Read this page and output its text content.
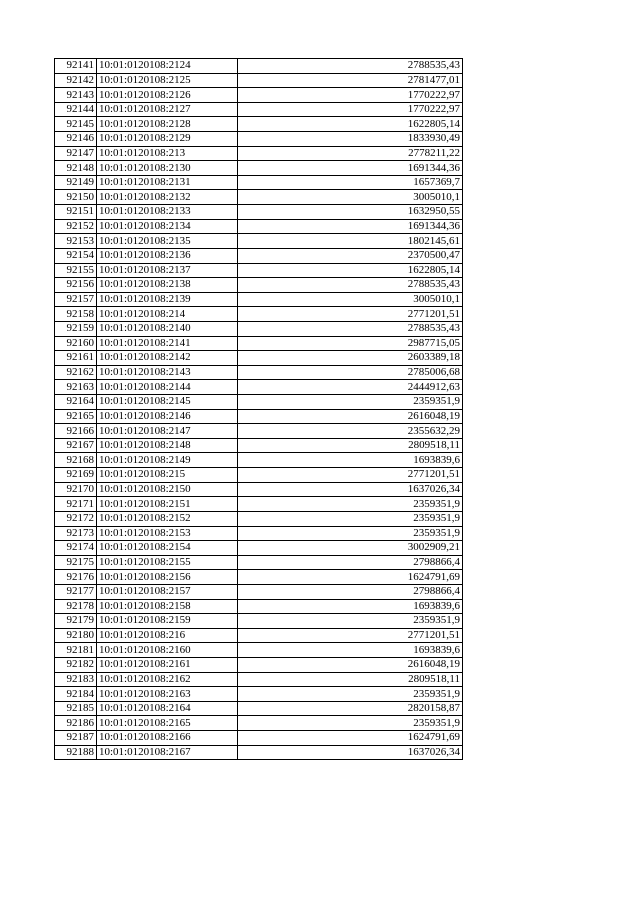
92141	10:01:0120108:2124	2788535,43
92142	10:01:0120108:2125	2781477,01
92143	10:01:0120108:2126	1770222,97
92144	10:01:0120108:2127	1770222,97
92145	10:01:0120108:2128	1622805,14
92146	10:01:0120108:2129	1833930,49
92147	10:01:0120108:213	2778211,22
92148	10:01:0120108:2130	1691344,36
92149	10:01:0120108:2131	1657369,7
92150	10:01:0120108:2132	3005010,1
92151	10:01:0120108:2133	1632950,55
92152	10:01:0120108:2134	1691344,36
92153	10:01:0120108:2135	1802145,61
92154	10:01:0120108:2136	2370500,47
92155	10:01:0120108:2137	1622805,14
92156	10:01:0120108:2138	2788535,43
92157	10:01:0120108:2139	3005010,1
92158	10:01:0120108:214	2771201,51
92159	10:01:0120108:2140	2788535,43
92160	10:01:0120108:2141	2987715,05
92161	10:01:0120108:2142	2603389,18
92162	10:01:0120108:2143	2785006,68
92163	10:01:0120108:2144	2444912,63
92164	10:01:0120108:2145	2359351,9
92165	10:01:0120108:2146	2616048,19
92166	10:01:0120108:2147	2355632,29
92167	10:01:0120108:2148	2809518,11
92168	10:01:0120108:2149	1693839,6
92169	10:01:0120108:215	2771201,51
92170	10:01:0120108:2150	1637026,34
92171	10:01:0120108:2151	2359351,9
92172	10:01:0120108:2152	2359351,9
92173	10:01:0120108:2153	2359351,9
92174	10:01:0120108:2154	3002909,21
92175	10:01:0120108:2155	2798866,4
92176	10:01:0120108:2156	1624791,69
92177	10:01:0120108:2157	2798866,4
92178	10:01:0120108:2158	1693839,6
92179	10:01:0120108:2159	2359351,9
92180	10:01:0120108:216	2771201,51
92181	10:01:0120108:2160	1693839,6
92182	10:01:0120108:2161	2616048,19
92183	10:01:0120108:2162	2809518,11
92184	10:01:0120108:2163	2359351,9
92185	10:01:0120108:2164	2820158,87
92186	10:01:0120108:2165	2359351,9
92187	10:01:0120108:2166	1624791,69
92188	10:01:0120108:2167	1637026,34
